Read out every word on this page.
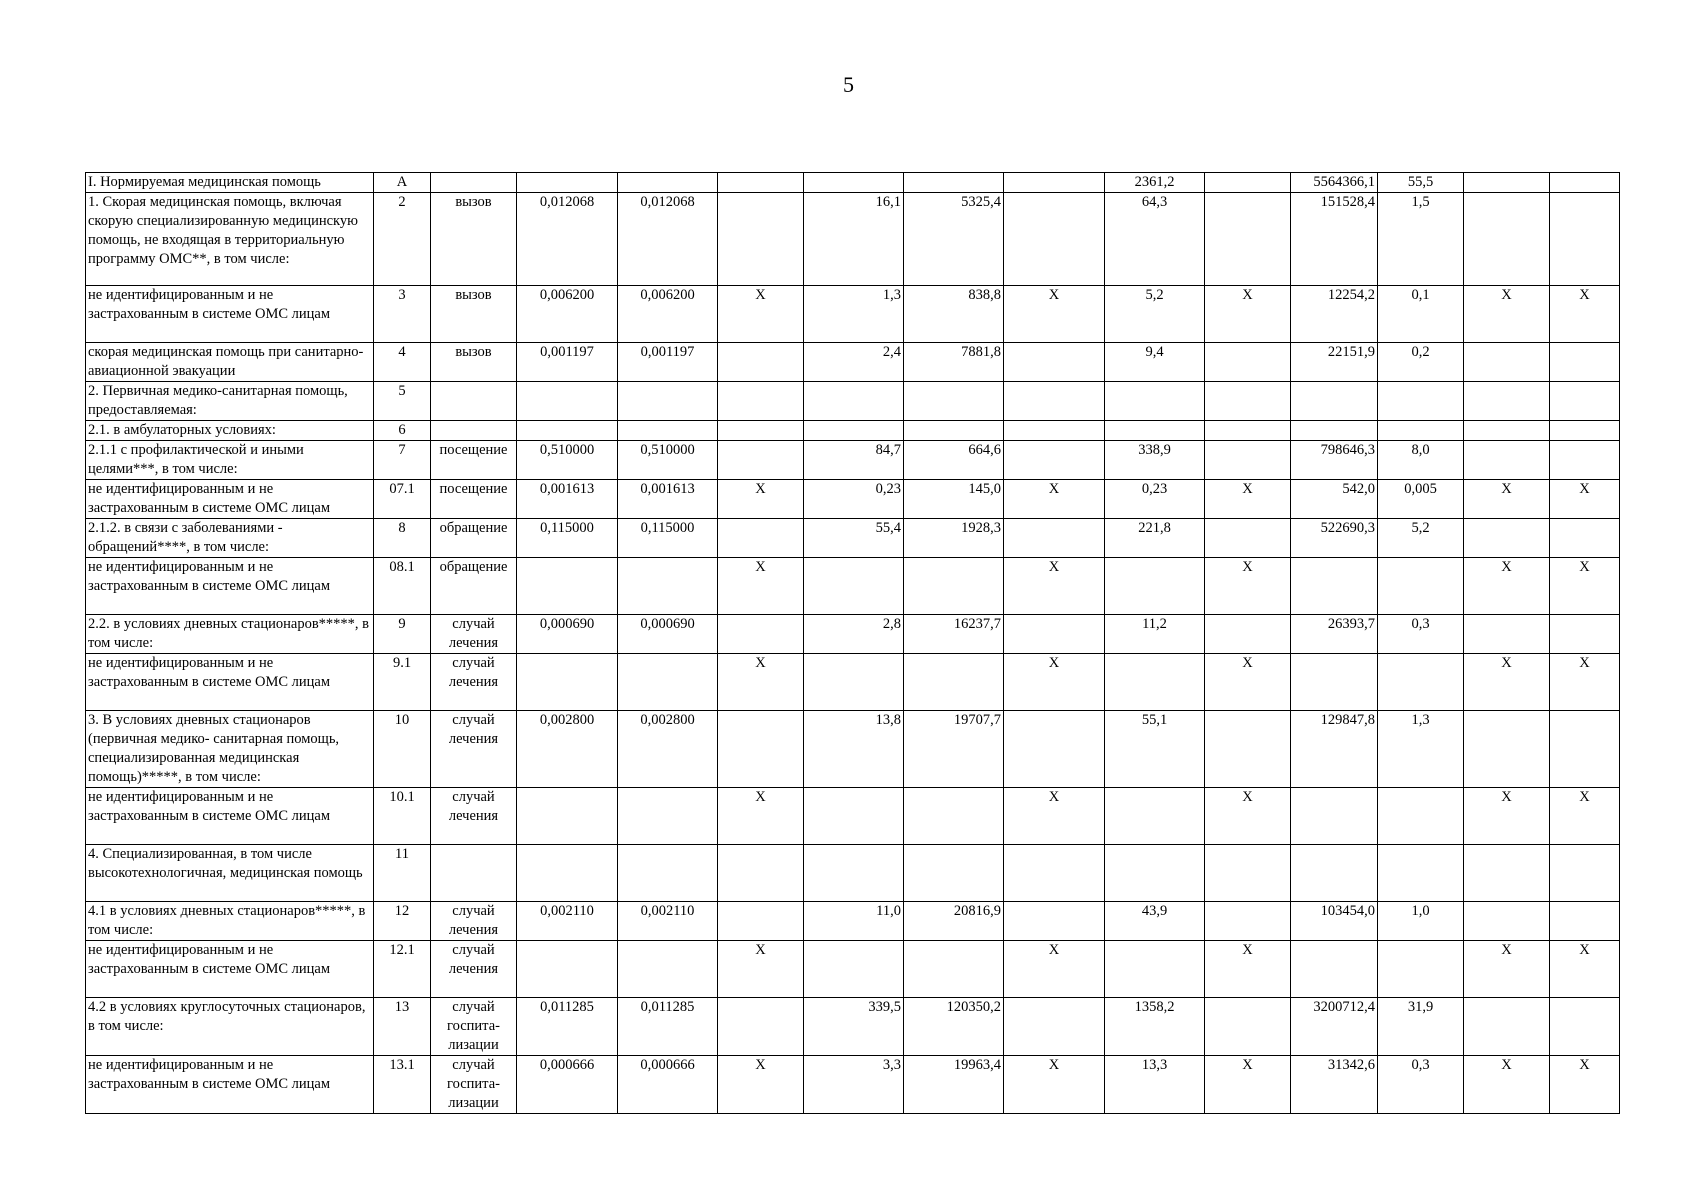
5
I. Нормируемая медицинская помощь	А								2361,2		5564366,1	55,5		
1. Скорая медицинская помощь, включая скорую специализированную медицинскую помощь, не входящая в территориальную программу ОМС**, в том числе:	2	вызов	0,012068	0,012068		16,1	5325,4		64,3		151528,4	1,5		
не идентифицированным и не застрахованным в системе ОМС лицам	3	вызов	0,006200	0,006200	X	1,3	838,8	X	5,2	X	12254,2	0,1	X	X
скорая медицинская помощь при санитарно-авиационной эвакуации	4	вызов	0,001197	0,001197		2,4	7881,8		9,4		22151,9	0,2		
2. Первичная медико-санитарная помощь, предоставляемая:	5													
2.1. в амбулаторных условиях:	6													
2.1.1 с профилактической и иными целями***, в том числе:	7	посещение	0,510000	0,510000		84,7	664,6		338,9		798646,3	8,0		
не идентифицированным и не застрахованным в системе ОМС лицам	07.1	посещение	0,001613	0,001613	X	0,23	145,0	X	0,23	X	542,0	0,005	X	X
2.1.2. в связи с заболеваниями - обращений****, в том числе:	8	обращение	0,115000	0,115000		55,4	1928,3		221,8		522690,3	5,2		
не идентифицированным и не застрахованным в системе ОМС лицам	08.1	обращение			X			X		X			X	X
2.2. в условиях дневных стационаров*****, в том числе:	9	случай лечения	0,000690	0,000690		2,8	16237,7		11,2		26393,7	0,3		
не идентифицированным и не застрахованным в системе ОМС лицам	9.1	случай лечения			X			X		X			X	X
3. В условиях дневных стационаров (первичная медико- санитарная помощь, специализированная медицинская помощь)*****, в том числе:	10	случай лечения	0,002800	0,002800		13,8	19707,7		55,1		129847,8	1,3		
не идентифицированным и не застрахованным в системе ОМС лицам	10.1	случай лечения			X			X		X			X	X
4. Специализированная, в том числе высокотехнологичная, медицинская помощь	11													
4.1 в условиях дневных стационаров*****, в том числе:	12	случай лечения	0,002110	0,002110		11,0	20816,9		43,9		103454,0	1,0		
не идентифицированным и не застрахованным в системе ОМС лицам	12.1	случай лечения			X			X		X			X	X
4.2 в условиях круглосуточных стационаров, в том числе:	13	случай госпита- лизации	0,011285	0,011285		339,5	120350,2		1358,2		3200712,4	31,9		
не идентифицированным и не застрахованным в системе ОМС лицам	13.1	случай госпита- лизации	0,000666	0,000666	X	3,3	19963,4	X	13,3	X	31342,6	0,3	X	X
